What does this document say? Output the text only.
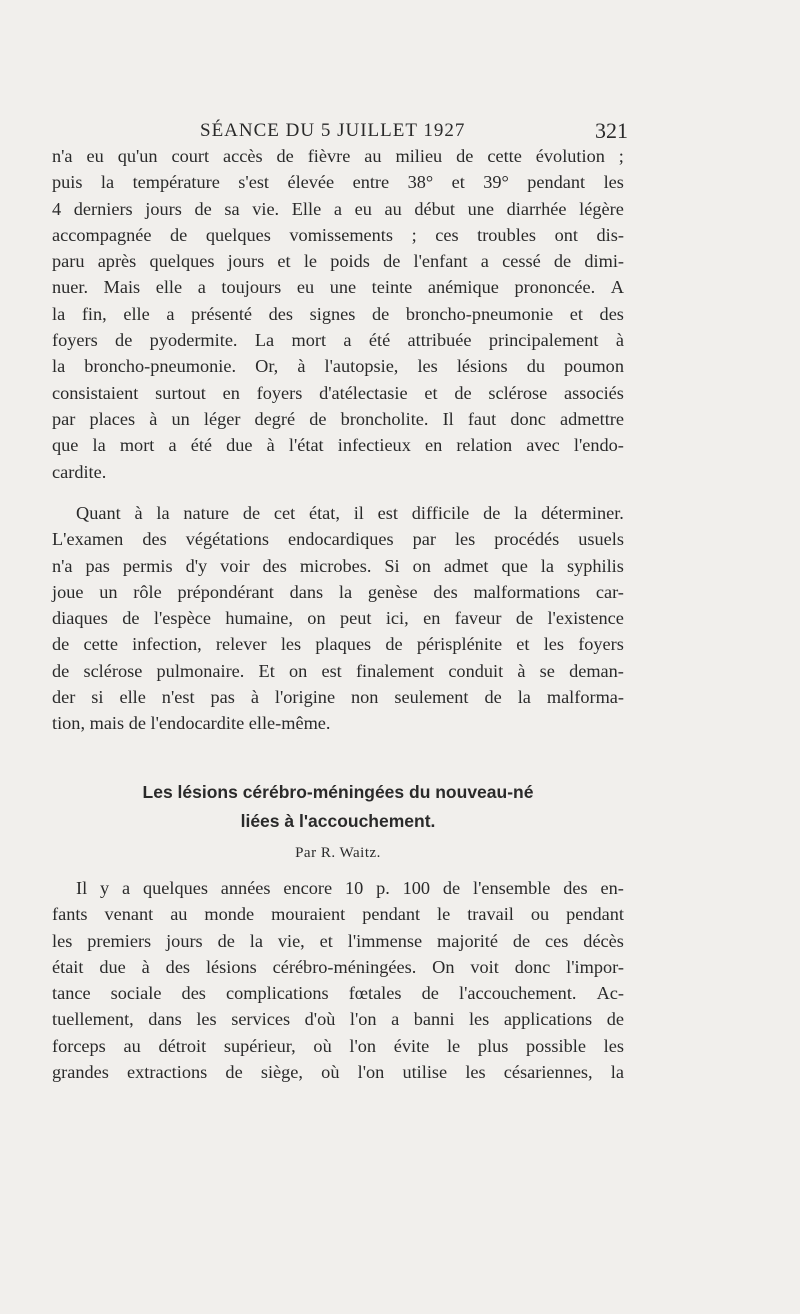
SÉANCE DU 5 JUILLET 1927	321
n'a eu qu'un court accès de fièvre au milieu de cette évolution ;
puis la température s'est élevée entre 38° et 39° pendant les
4 derniers jours de sa vie. Elle a eu au début une diarrhée légère
accompagnée de quelques vomissements ; ces troubles ont dis-
paru après quelques jours et le poids de l'enfant a cessé de dimi-
nuer. Mais elle a toujours eu une teinte anémique prononcée. A
la fin, elle a présenté des signes de broncho-pneumonie et des
foyers de pyodermite. La mort a été attribuée principalement à
la broncho-pneumonie. Or, à l'autopsie, les lésions du poumon
consistaient surtout en foyers d'atélectasie et de sclérose associés
par places à un léger degré de broncholite. Il faut donc admettre
que la mort a été due à l'état infectieux en relation avec l'endo-
cardite.
Quant à la nature de cet état, il est difficile de la déterminer.
L'examen des végétations endocardiques par les procédés usuels
n'a pas permis d'y voir des microbes. Si on admet que la syphilis
joue un rôle prépondérant dans la genèse des malformations car-
diaques de l'espèce humaine, on peut ici, en faveur de l'existence
de cette infection, relever les plaques de périsplénite et les foyers
de sclérose pulmonaire. Et on est finalement conduit à se deman-
der si elle n'est pas à l'origine non seulement de la malforma-
tion, mais de l'endocardite elle-même.
Les lésions cérébro-méningées du nouveau-né
liées à l'accouchement.
Par R. Waitz.
Il y a quelques années encore 10 p. 100 de l'ensemble des en-
fants venant au monde mouraient pendant le travail ou pendant
les premiers jours de la vie, et l'immense majorité de ces décès
était due à des lésions cérébro-méningées. On voit donc l'impor-
tance sociale des complications fœtales de l'accouchement. Ac-
tuellement, dans les services d'où l'on a banni les applications de
forceps au détroit supérieur, où l'on évite le plus possible les
grandes extractions de siège, où l'on utilise les césariennes, la
